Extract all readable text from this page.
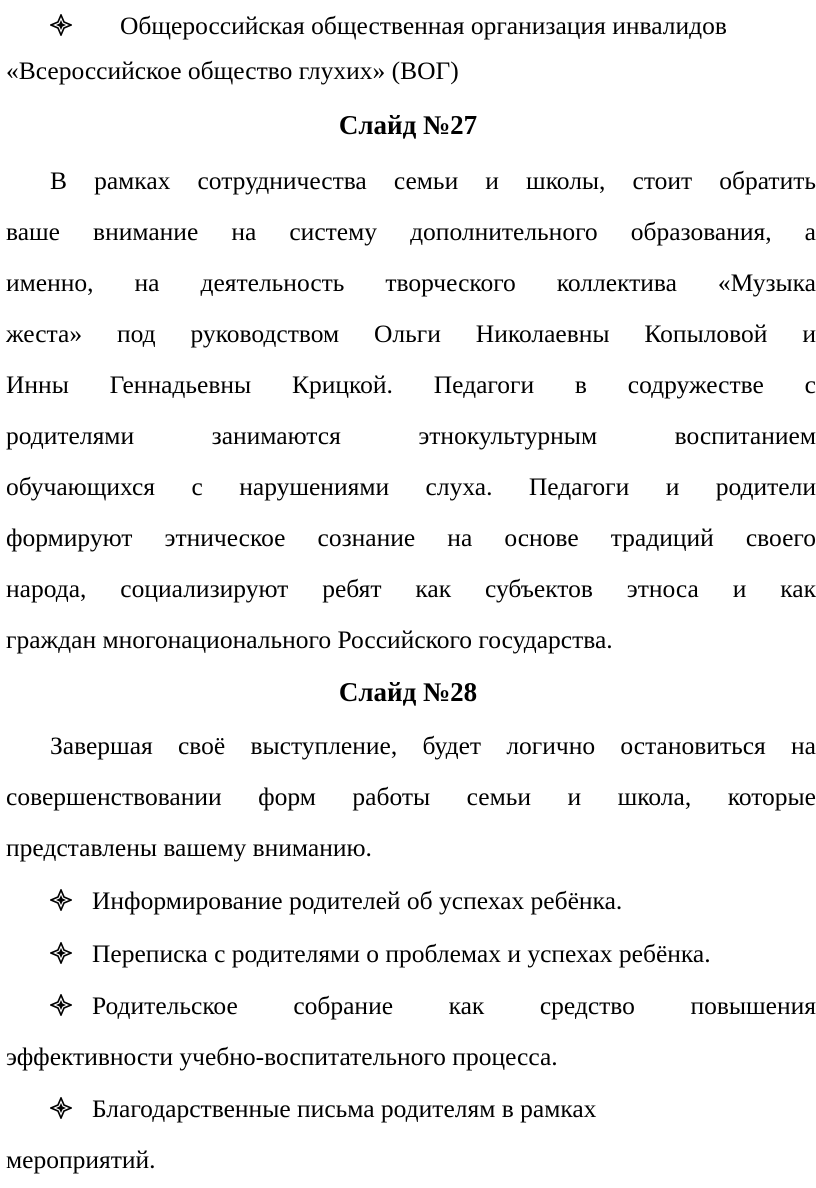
Общероссийская общественная организация инвалидов
«Всероссийское общество глухих» (ВОГ)
Слайд №27
В рамках сотрудничества семьи и школы, стоит обратить
ваше внимание на систему дополнительного образования, а
именно, на деятельность творческого коллектива «Музыка
жеста» под руководством Ольги Николаевны Копыловой и
Инны Геннадьевны Крицкой. Педагоги в содружестве с
родителями занимаются этнокультурным воспитанием
обучающихся с нарушениями слуха. Педагоги и родители
формируют этническое сознание на основе традиций своего
народа, социализируют ребят как субъектов этноса и как
граждан многонационального Российского государства.
Слайд №28
Завершая своё выступление, будет логично остановиться на
совершенствовании форм работы семьи и школа, которые
представлены вашему вниманию.
Информирование родителей об успехах ребёнка.
Переписка с родителями о проблемах и успехах ребёнка.
Родительское собрание как средство повышения
эффективности учебно-воспитательного процесса.
Благодарственные письма родителям в рамках
мероприятий.
